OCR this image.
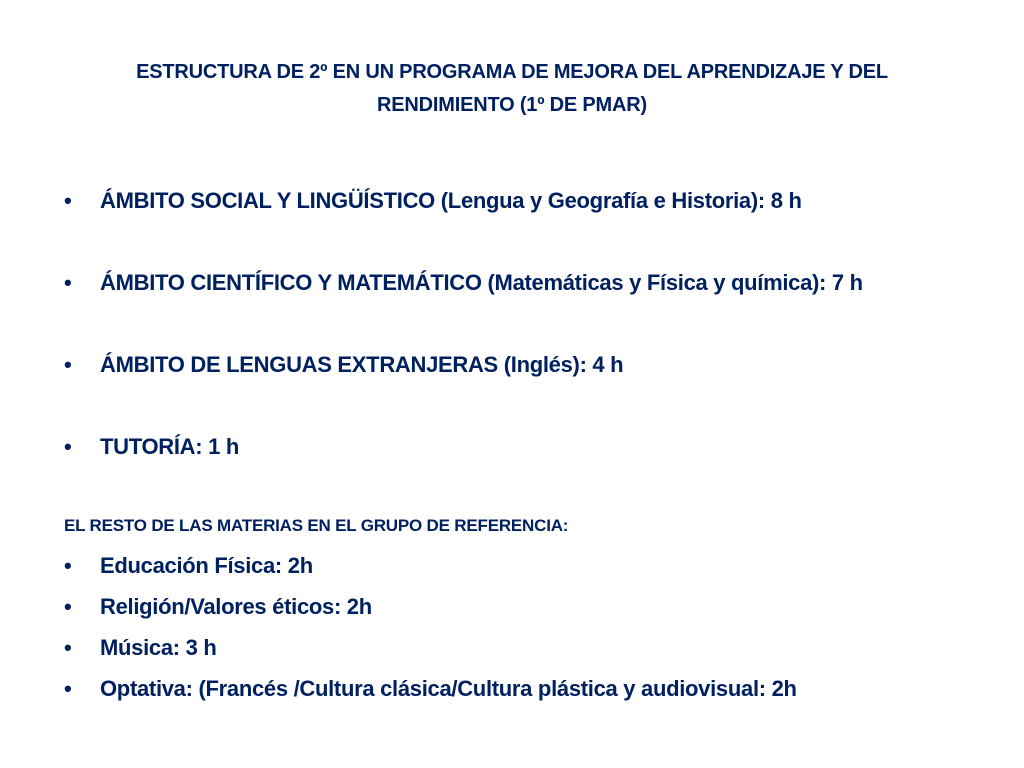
ESTRUCTURA DE 2º EN UN PROGRAMA DE MEJORA DEL APRENDIZAJE Y DEL
RENDIMIENTO (1º DE PMAR)
•	ÁMBITO SOCIAL Y LINGÜÍSTICO (Lengua y Geografía e Historia): 8 h
•	ÁMBITO CIENTÍFICO Y MATEMÁTICO (Matemáticas y Física y química): 7 h
•	ÁMBITO DE LENGUAS EXTRANJERAS (Inglés): 4 h
•	TUTORÍA: 1 h
EL RESTO DE LAS MATERIAS EN EL GRUPO DE REFERENCIA:
•	Educación Física: 2h
•	Religión/Valores éticos: 2h
•	Música: 3 h
•	Optativa: (Francés /Cultura clásica/Cultura plástica y audiovisual: 2h
